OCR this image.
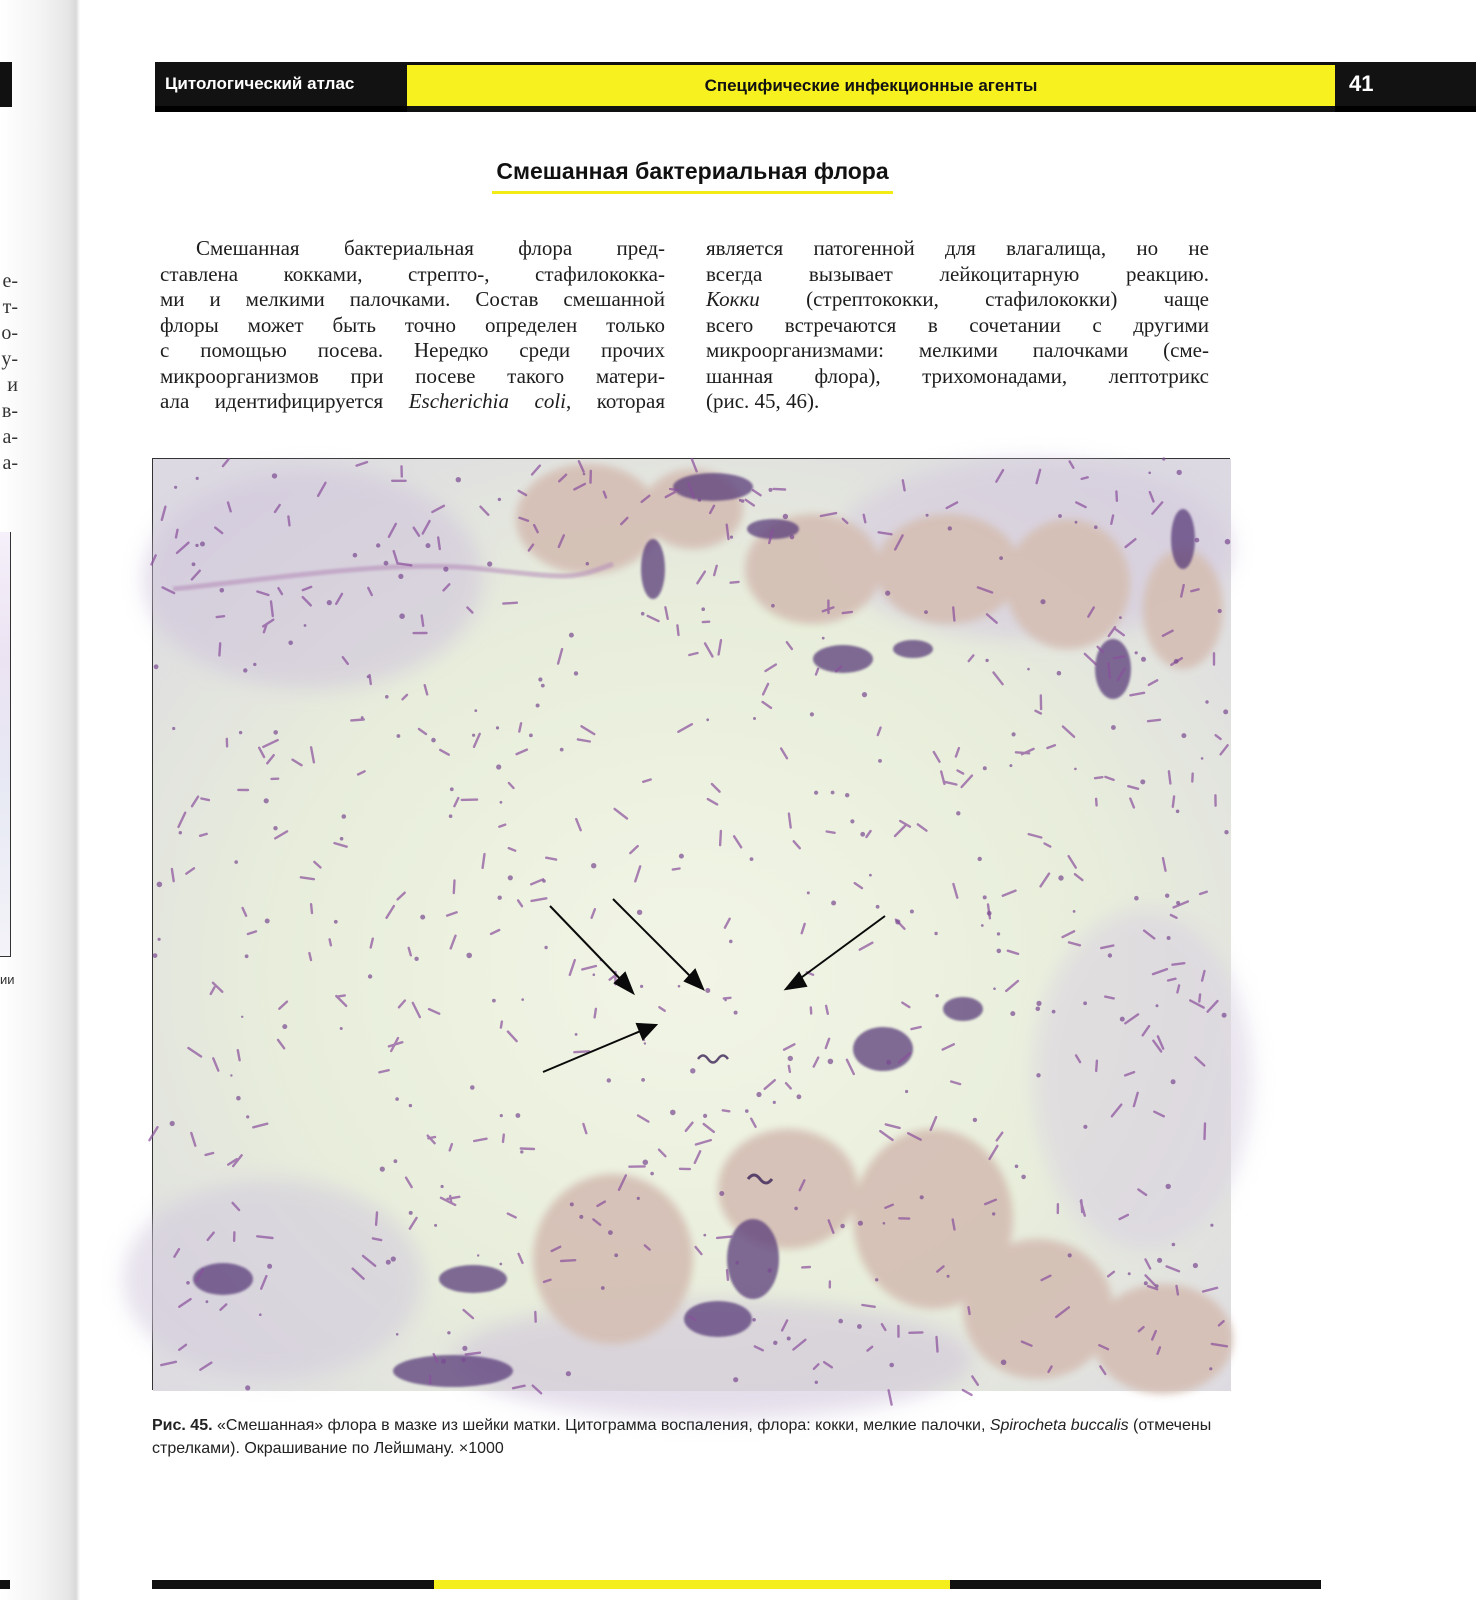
е-
т-
о-
у-
и
в-
а-
а-
ии
Цитологический атлас	Специфические инфекционные агенты	41
Смешанная бактериальная флора
Смешанная бактериальная флора пред-
ставлена кокками, стрепто-, стафилококка-
ми и мелкими палочками. Состав смешанной
флоры может быть точно определен только
с помощью посева. Нередко среди прочих
микроорганизмов при посеве такого матери-
ала идентифицируется Escherichia coli, которая
является патогенной для влагалища, но не
всегда вызывает лейкоцитарную реакцию.
Кокки (стрептококки, стафилококки) чаще
всего встречаются в сочетании с другими
микроорганизмами: мелкими палочками (сме-
шанная флора), трихомонадами, лептотрикс
(рис. 45, 46).
Рис. 45. «Смешанная» флора в мазке из шейки матки. Цитограмма воспаления, флора: кокки, мелкие палочки, Spirocheta buccalis (отмечены стрелками). Окрашивание по Лейшману. ×1000
